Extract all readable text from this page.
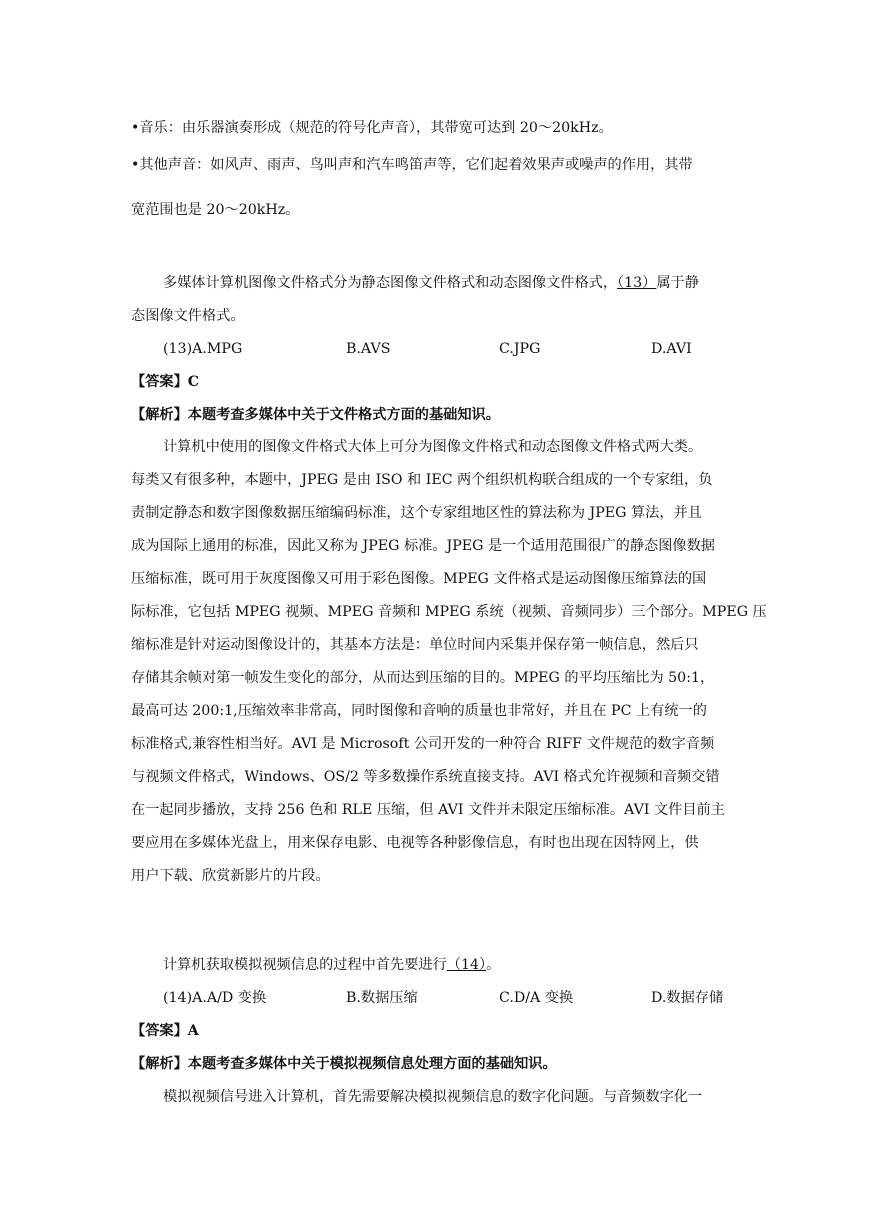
•音乐：由乐器演奏形成（规范的符号化声音），其带宽可达到 20～20kHz。
•其他声音：如风声、雨声、鸟叫声和汽车鸣笛声等，它们起着效果声或噪声的作用，其带
宽范围也是 20～20kHz。
多媒体计算机图像文件格式分为静态图像文件格式和动态图像文件格式，（13）属于静
态图像文件格式。
(13)A.MPG	B.AVS	C.JPG	D.AVI
【答案】C
【解析】本题考查多媒体中关于文件格式方面的基础知识。
计算机中使用的图像文件格式大体上可分为图像文件格式和动态图像文件格式两大类。
每类又有很多种，本题中，JPEG 是由 ISO 和 IEC 两个组织机构联合组成的一个专家组，负
责制定静态和数字图像数据压缩编码标准，这个专家组地区性的算法称为 JPEG 算法，并且
成为国际上通用的标准，因此又称为 JPEG 标准。JPEG 是一个适用范围很广的静态图像数据
压缩标准，既可用于灰度图像又可用于彩色图像。MPEG 文件格式是运动图像压缩算法的国
际标准，它包括 MPEG 视频、MPEG 音频和 MPEG 系统（视频、音频同步）三个部分。MPEG 压
缩标准是针对运动图像设计的，其基本方法是：单位时间内采集并保存第一帧信息，然后只
存储其余帧对第一帧发生变化的部分，从而达到压缩的目的。MPEG 的平均压缩比为 50:1，
最高可达 200:1,压缩效率非常高，同时图像和音响的质量也非常好，并且在 PC 上有统一的
标准格式,兼容性相当好。AVI 是 Microsoft 公司开发的一种符合 RIFF 文件规范的数字音频
与视频文件格式，Windows、OS/2 等多数操作系统直接支持。AVI 格式允许视频和音频交错
在一起同步播放，支持 256 色和 RLE 压缩，但 AVI 文件并未限定压缩标准。AVI 文件目前主
要应用在多媒体光盘上，用来保存电影、电视等各种影像信息，有时也出现在因特网上，供
用户下载、欣赏新影片的片段。
计算机获取模拟视频信息的过程中首先要进行（14）。
(14)A.A/D 变换	B.数据压缩	C.D/A 变换	D.数据存储
【答案】A
【解析】本题考查多媒体中关于模拟视频信息处理方面的基础知识。
模拟视频信号进入计算机，首先需要解决模拟视频信息的数字化问题。与音频数字化一
